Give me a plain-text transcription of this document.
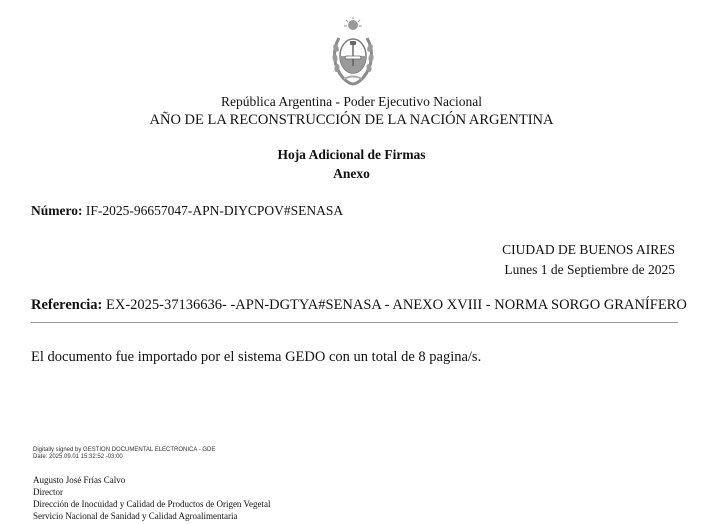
República Argentina - Poder Ejecutivo Nacional
AÑO DE LA RECONSTRUCCIÓN DE LA NACIÓN ARGENTINA
Hoja Adicional de Firmas
Anexo
Número: IF-2025-96657047-APN-DIYCPOV#SENASA
CIUDAD DE BUENOS AIRES
Lunes 1 de Septiembre de 2025
Referencia: EX-2025-37136636- -APN-DGTYA#SENASA - ANEXO XVIII - NORMA SORGO GRANÍFERO
El documento fue importado por el sistema GEDO con un total de 8 pagina/s.
Digitally signed by GESTION DOCUMENTAL ELECTRONICA - GDE
Date: 2025.09.01 15:32:52 -03:00
Augusto José Frías Calvo
Director
Dirección de Inocuidad y Calidad de Productos de Origen Vegetal
Servicio Nacional de Sanidad y Calidad Agroalimentaria
